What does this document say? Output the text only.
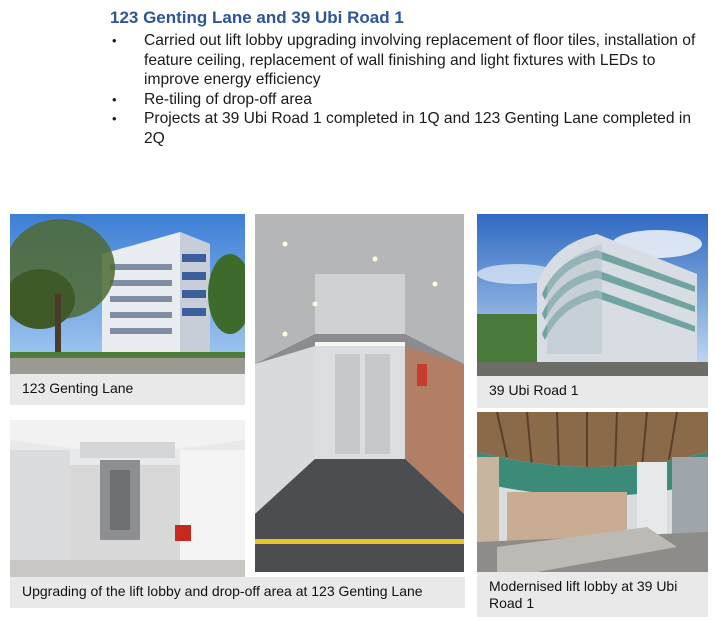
123 Genting Lane and 39 Ubi Road 1
• Carried out lift lobby upgrading involving replacement of floor tiles, installation of feature ceiling, replacement of wall finishing and light fixtures with LEDs to improve energy efficiency
• Re-tiling of drop-off area
• Projects at 39 Ubi Road 1 completed in 1Q and 123 Genting Lane completed in 2Q
123 Genting Lane	39 Ubi Road 1
Upgrading of the lift lobby and drop-off area at 123 Genting Lane	Modernised lift lobby at 39 Ubi Road 1
